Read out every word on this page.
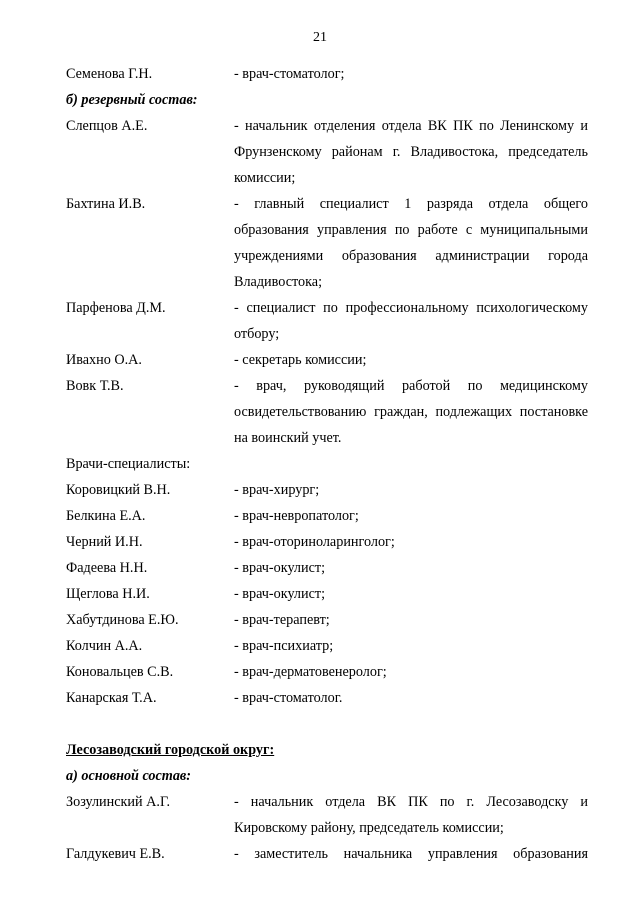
21
Семенова Г.Н.	- врач-стоматолог;
б) резервный состав:
Слепцов А.Е.	- начальник отделения отдела ВК ПК по Ленинскому и Фрунзенскому районам г. Владивостока, председатель комиссии;
Бахтина И.В.	- главный специалист 1 разряда отдела общего образования управления по работе с муниципальными учреждениями образования администрации города Владивостока;
Парфенова Д.М.	- специалист по профессиональному психологическому отбору;
Ивахно О.А.	- секретарь комиссии;
Вовк Т.В.	- врач, руководящий работой по медицинскому освидетельствованию граждан, подлежащих постановке на воинский учет.
Врачи-специалисты:
Коровицкий В.Н.	- врач-хирург;
Белкина Е.А.	- врач-невропатолог;
Черний И.Н.	- врач-оториноларинголог;
Фадеева Н.Н.	- врач-окулист;
Щеглова Н.И.	- врач-окулист;
Хабутдинова Е.Ю.	- врач-терапевт;
Колчин А.А.	- врач-психиатр;
Коновальцев С.В.	- врач-дерматовенеролог;
Канарская Т.А.	- врач-стоматолог.
Лесозаводский городской округ:
а) основной состав:
Зозулинский А.Г.	- начальник отдела ВК ПК по г. Лесозаводску и Кировскому району, председатель комиссии;
Галдукевич Е.В.	- заместитель начальника управления образования
